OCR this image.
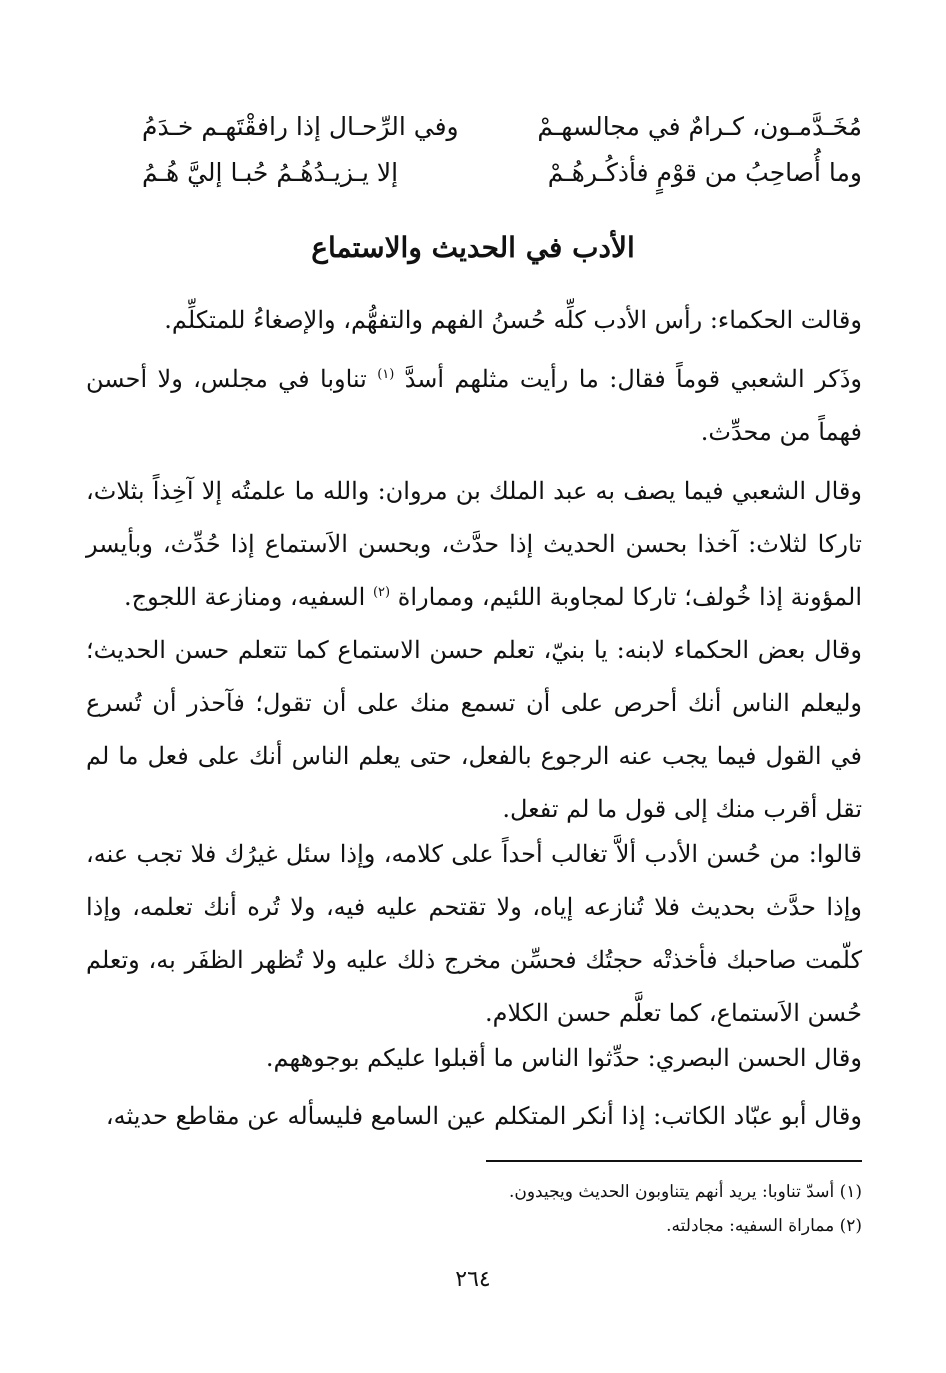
مُخَـدَّمـون، كـرامٌ في مجالسهـمْ
وفي الرِّحـال إذا رافقْتَهـم خـدَمُ
وما أُصاحِبُ من قوْمٍ فأذكُـرهُـمْ
إلا يـزيـدُهُـمُ حُبـا إليَّ هُـمُ
الأدب في الحديث والاستماع

وقالت الحكماء: رأس الأدب كلِّه حُسنُ الفهم والتفهُّم، والإصغاءُ للمتكلِّم.

وذَكر الشعبي قوماً فقال: ما رأيت مثلهم أسدَّ $^{(١)}$ تناوبا في مجلس، ولا أحسن فهماً من محدِّث.

وقال الشعبي فيما يصف به عبد الملك بن مروان: والله ما علمتُه إلا آخِذاً بثلاث، تاركا لثلاث: آخذا بحسن الحديث إذا حدَّث، وبحسن الاَستماع إذا حُدِّث، وبأيسر المؤونة إذا خُولف؛ تاركا لمجاوبة اللئيم، ومماراة $^{(٢)}$ السفيه، ومنازعة اللجوج.

وقال بعض الحكماء لابنه: يا بنيّ، تعلم حسن الاستماع كما تتعلم حسن الحديث؛ وليعلم الناس أنك أحرص على أن تسمع منك على أن تقول؛ فآحذر أن تُسرع في القول فيما يجب عنه الرجوع بالفعل، حتى يعلم الناس أنك على فعل ما لم تقل أقرب منك إلى قول ما لم تفعل.

قالوا: من حُسن الأدب ألاَّ تغالب أحداً على كلامه، وإذا سئل غيرُك فلا تجب عنه، وإذا حدَّث بحديث فلا تُنازعه إياه، ولا تقتحم عليه فيه، ولا تُره أنك تعلمه، وإذا كلّمت صاحبك فأخذتْه حجتُك فحسِّن مخرج ذلك عليه ولا تُظهر الظفَر به، وتعلم حُسن الاَستماع، كما تعلَّم حسن الكلام.

وقال الحسن البصري: حدِّثوا الناس ما أقبلوا عليكم بوجوههم.

وقال أبو عبّاد الكاتب: إذا أنكر المتكلم عين السامع فليسأله عن مقاطع حديثه،

(١) أسدّ تناوبا: يريد أنهم يتناوبون الحديث ويجيدون.
(٢) مماراة السفيه: مجادلته.
٢٦٤
